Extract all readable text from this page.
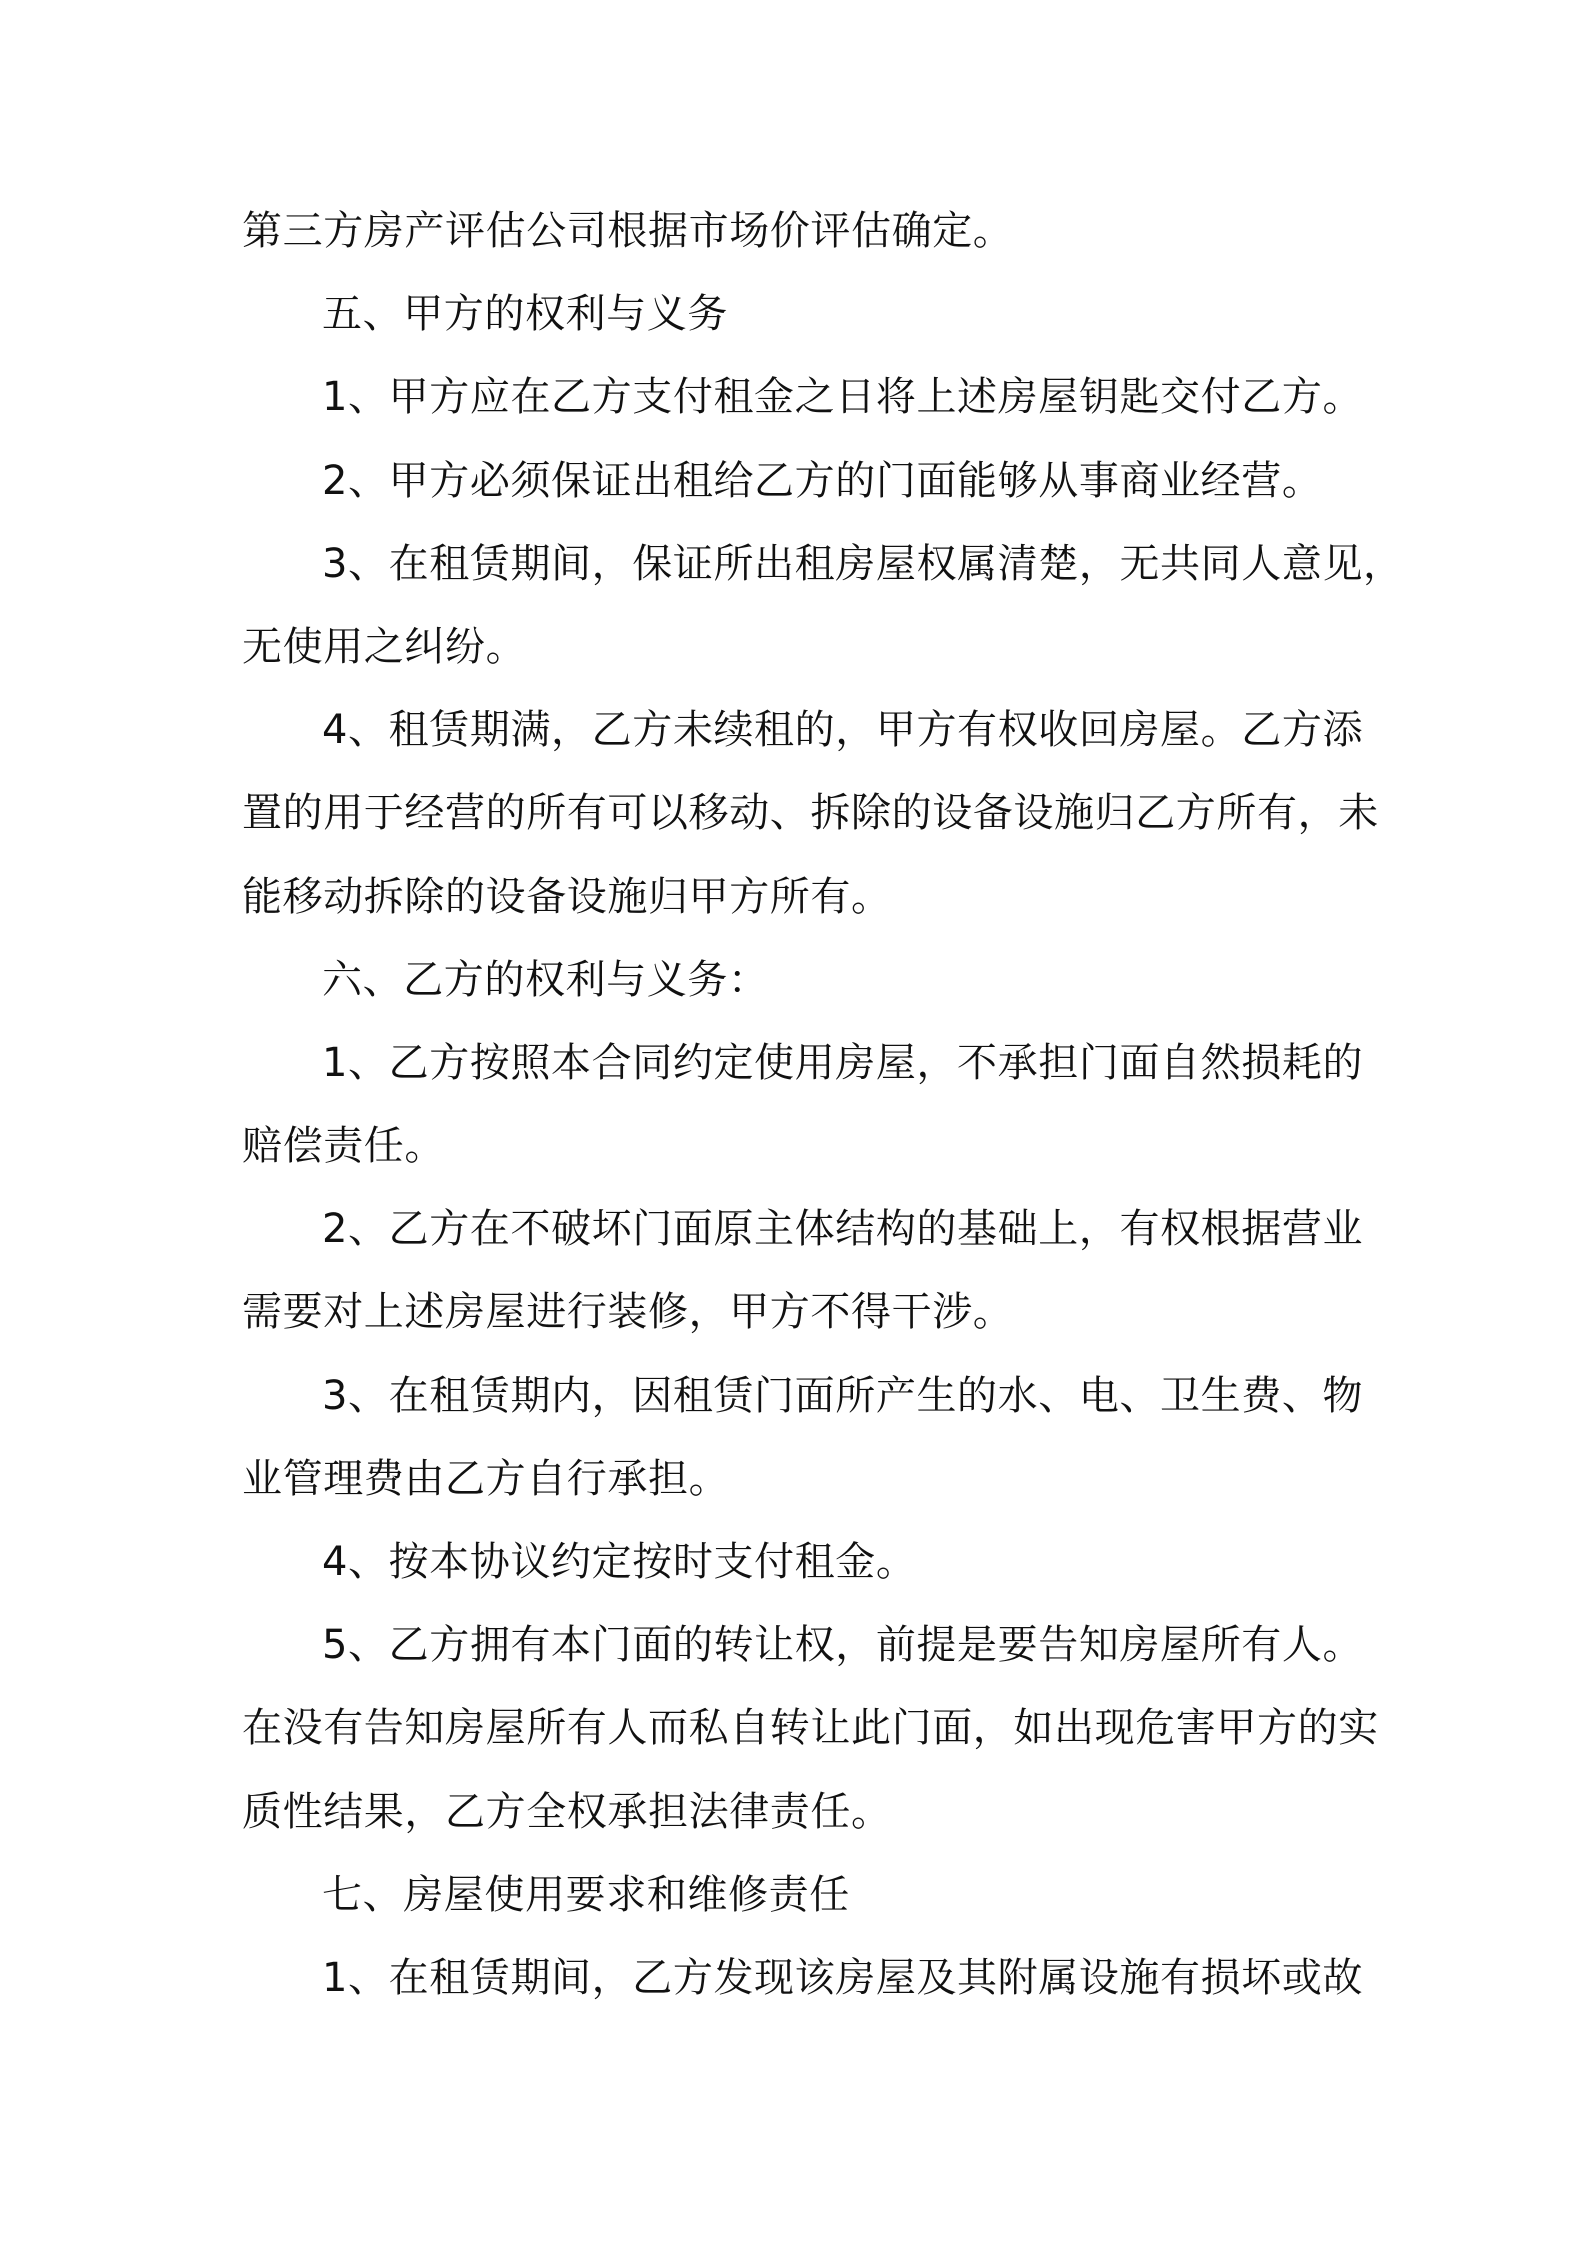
第三方房产评估公司根据市场价评估确定。
五、甲方的权利与义务
1、甲方应在乙方支付租金之日将上述房屋钥匙交付乙方。
2、甲方必须保证出租给乙方的门面能够从事商业经营。
3、在租赁期间，保证所出租房屋权属清楚，无共同人意见，
无使用之纠纷。
4、租赁期满，乙方未续租的，甲方有权收回房屋。乙方添
置的用于经营的所有可以移动、拆除的设备设施归乙方所有，未
能移动拆除的设备设施归甲方所有。
六、乙方的权利与义务：
1、乙方按照本合同约定使用房屋，不承担门面自然损耗的
赔偿责任。
2、乙方在不破坏门面原主体结构的基础上，有权根据营业
需要对上述房屋进行装修，甲方不得干涉。
3、在租赁期内，因租赁门面所产生的水、电、卫生费、物
业管理费由乙方自行承担。
4、按本协议约定按时支付租金。
5、乙方拥有本门面的转让权，前提是要告知房屋所有人。
在没有告知房屋所有人而私自转让此门面，如出现危害甲方的实
质性结果，乙方全权承担法律责任。
七、房屋使用要求和维修责任
1、在租赁期间，乙方发现该房屋及其附属设施有损坏或故
